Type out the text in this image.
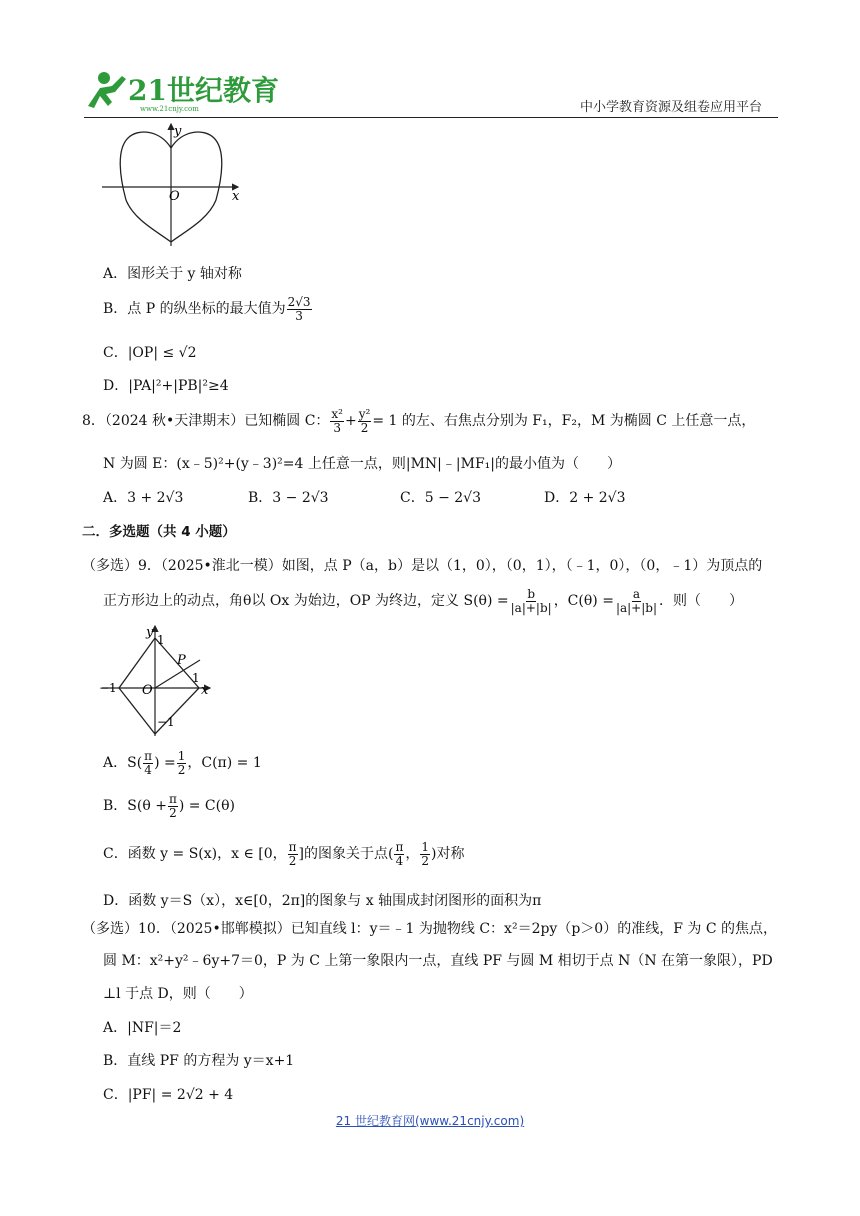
21世纪教育
www.21cnjy.com	中小学教育资源及组卷应用平台
y
x
O
A．图形关于 y 轴对称
B．点 P 的纵坐标的最大值为 $\frac{2√3}{3}$
C．|OP| ≤ √2
D．|PA|²+|PB|²≥4
8．（2024 秋•天津期末）已知椭圆 C： $\frac{\text{x²}}{3} + \frac{\text{y²}}{2} = 1$ 的左、右焦点分别为 F₁，F₂，M 为椭圆 C 上任意一点，
N 为圆 E：(x﹣5)²+(y﹣3)²=4 上任意一点，则|MN|﹣|MF₁|的最小值为（　　）
A．3 + 2√3	B．3 − 2√3	C．5 − 2√3	D．2 + 2√3
二．多选题（共 4 小题）
（多选）9．（2025•淮北一模）如图，点 P（a，b）是以（1，0），（0，1），（﹣1，0），（0，﹣1）为顶点的
正方形边上的动点，角θ以 Ox 为始边，OP 为终边，定义 $S(\theta) = \frac{b}{|a|+|b|}$ ，$C(\theta) = \frac{a}{|a|+|b|}$ ．则（　　）
y
x
O
P
1
1
−1
−1
A．$S( \frac{\pi}{4}$ ) = $\frac{1}{2}$ ，C(π) = 1
B．$S(\theta + \frac{\pi}{2}$ ) = C(θ)
C．函数 y = S(x)，x ∈ [0， $\frac{\pi}{2}$ ]的图象关于点( $\frac{\pi}{4}$ ， $\frac{1}{2}$ )对称
D．函数 y＝S（x），x∈[0，2π]的图象与 x 轴围成封闭图形的面积为π
（多选）10．（2025•邯郸模拟）已知直线 l：y＝﹣1 为抛物线 C：x²＝2py（p＞0）的准线，F 为 C 的焦点，
圆 M：x²+y²﹣6y+7＝0，P 为 C 上第一象限内一点，直线 PF 与圆 M 相切于点 N（N 在第一象限），PD
⊥l 于点 D，则（　　）
A．|NF|＝2
B．直线 PF 的方程为 y＝x+1
C．|PF| = 2√2 + 4
21 世纪教育网(www.21cnjy.com)
